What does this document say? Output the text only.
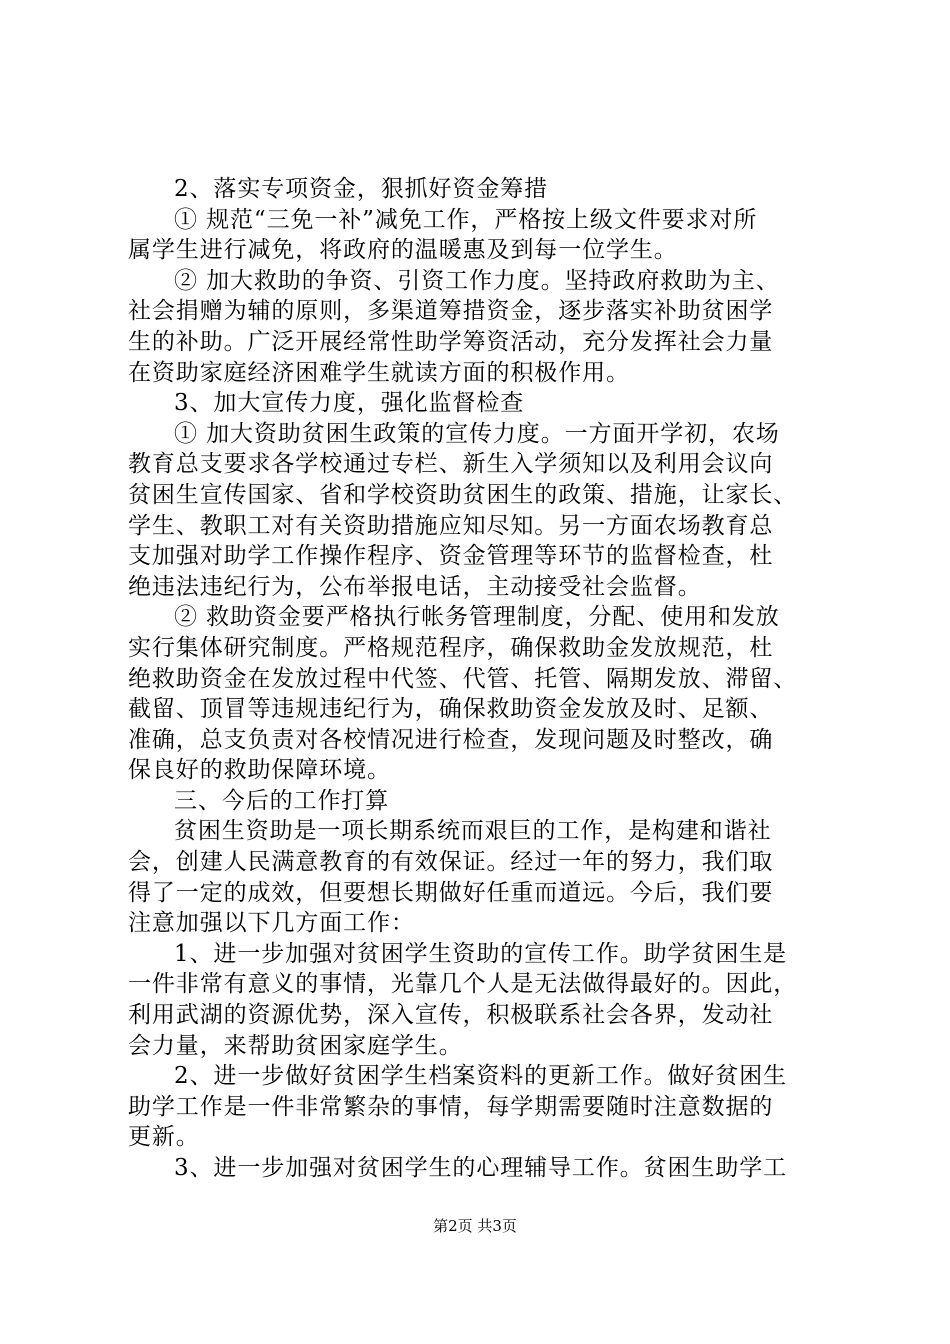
2、落实专项资金，狠抓好资金筹措
① 规范“三免一补”减免工作，严格按上级文件要求对所
属学生进行减免，将政府的温暖惠及到每一位学生。
② 加大救助的争资、引资工作力度。坚持政府救助为主、
社会捐赠为辅的原则，多渠道筹措资金，逐步落实补助贫困学
生的补助。广泛开展经常性助学筹资活动，充分发挥社会力量
在资助家庭经济困难学生就读方面的积极作用。
3、加大宣传力度，强化监督检查
① 加大资助贫困生政策的宣传力度。一方面开学初，农场
教育总支要求各学校通过专栏、新生入学须知以及利用会议向
贫困生宣传国家、省和学校资助贫困生的政策、措施，让家长、
学生、教职工对有关资助措施应知尽知。另一方面农场教育总
支加强对助学工作操作程序、资金管理等环节的监督检查，杜
绝违法违纪行为，公布举报电话，主动接受社会监督。
② 救助资金要严格执行帐务管理制度，分配、使用和发放
实行集体研究制度。严格规范程序，确保救助金发放规范，杜
绝救助资金在发放过程中代签、代管、托管、隔期发放、滞留、
截留、顶冒等违规违纪行为，确保救助资金发放及时、足额、
准确，总支负责对各校情况进行检查，发现问题及时整改，确
保良好的救助保障环境。
三、今后的工作打算
贫困生资助是一项长期系统而艰巨的工作，是构建和谐社
会，创建人民满意教育的有效保证。经过一年的努力，我们取
得了一定的成效，但要想长期做好任重而道远。今后，我们要
注意加强以下几方面工作：
1、进一步加强对贫困学生资助的宣传工作。助学贫困生是
一件非常有意义的事情，光靠几个人是无法做得最好的。因此，
利用武湖的资源优势，深入宣传，积极联系社会各界，发动社
会力量，来帮助贫困家庭学生。
2、进一步做好贫困学生档案资料的更新工作。做好贫困生
助学工作是一件非常繁杂的事情，每学期需要随时注意数据的
更新。
3、进一步加强对贫困学生的心理辅导工作。贫困生助学工
第2页 共3页
